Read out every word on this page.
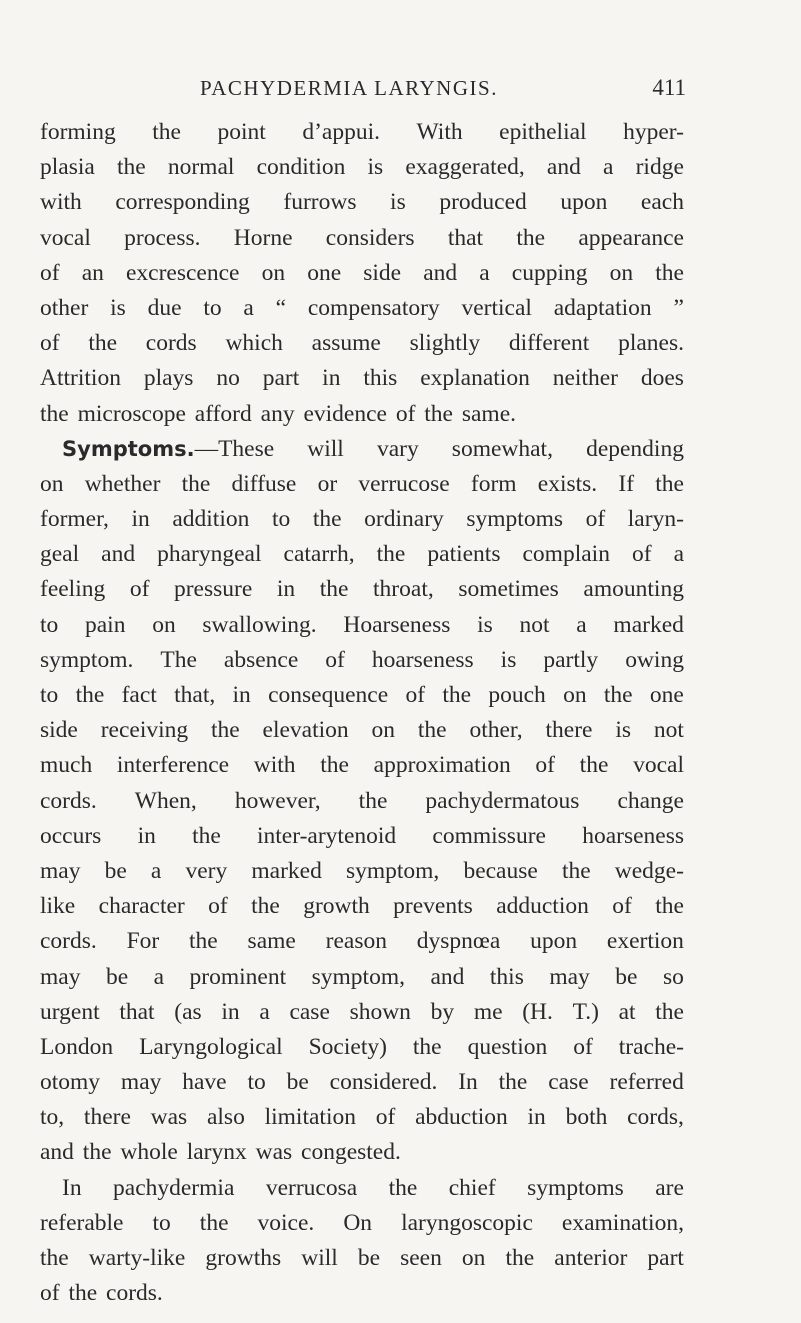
PACHYDERMIA LARYNGIS.	411
forming the point d’appui. With epithelial hyper-
plasia the normal condition is exaggerated, and a ridge
with corresponding furrows is produced upon each
vocal process. Horne considers that the appearance
of an excrescence on one side and a cupping on the
other is due to a “ compensatory vertical adaptation ”
of the cords which assume slightly different planes.
Attrition plays no part in this explanation neither does
the microscope afford any evidence of the same.
Symptoms. —These will vary somewhat, depending
on whether the diffuse or verrucose form exists. If the
former, in addition to the ordinary symptoms of laryn-
geal and pharyngeal catarrh, the patients complain of a
feeling of pressure in the throat, sometimes amounting
to pain on swallowing. Hoarseness is not a marked
symptom. The absence of hoarseness is partly owing
to the fact that, in consequence of the pouch on the one
side receiving the elevation on the other, there is not
much interference with the approximation of the vocal
cords. When, however, the pachydermatous change
occurs in the inter-arytenoid commissure hoarseness
may be a very marked symptom, because the wedge-
like character of the growth prevents adduction of the
cords. For the same reason dyspnœa upon exertion
may be a prominent symptom, and this may be so
urgent that (as in a case shown by me (H. T.) at the
London Laryngological Society) the question of trache-
otomy may have to be considered. In the case referred
to, there was also limitation of abduction in both cords,
and the whole larynx was congested.
In pachydermia verrucosa the chief symptoms are
referable to the voice. On laryngoscopic examination,
the warty-like growths will be seen on the anterior part
of the cords.
